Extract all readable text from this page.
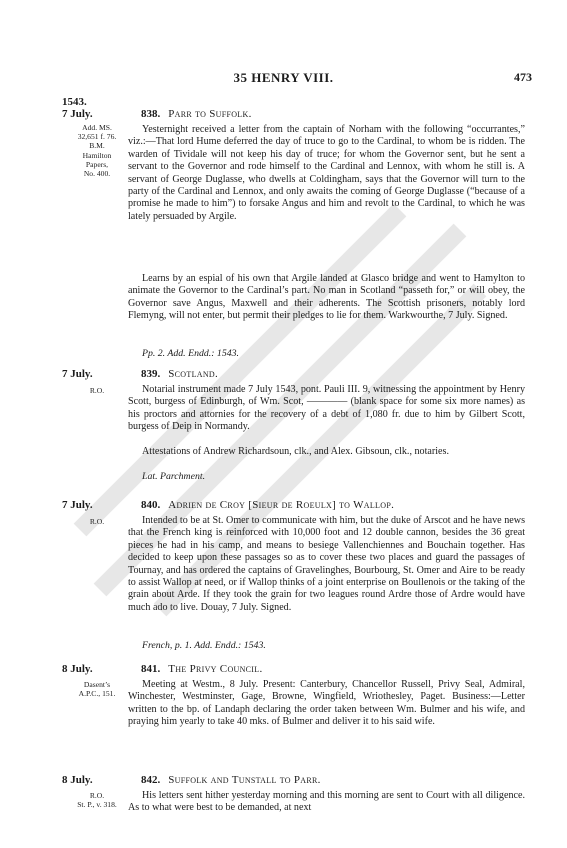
35 HENRY VIII.	473
1543.
7 July.	838. Parr to Suffolk.
Add. MS.
32,651 f. 76.
B.M.
Hamilton
Papers,
No. 400.
Yesternight received a letter from the captain of Norham with the following “occurrantes,” viz.:—That lord Hume deferred the day of truce to go to the Cardinal, to whom be is ridden. The warden of Tividale will not keep his day of truce; for whom the Governor sent, but he sent a servant to the Governor and rode himself to the Cardinal and Lennox, with whom he still is. A servant of George Duglasse, who dwells at Coldingham, says that the Governor will turn to the party of the Cardinal and Lennox, and only awaits the coming of George Duglasse (“because of a promise he made to him”) to forsake Angus and him and revolt to the Cardinal, to which he was lately persuaded by Argile.
Learns by an espial of his own that Argile landed at Glasco bridge and went to Hamylton to animate the Governor to the Cardinal’s part. No man in Scotland “passeth for,” or will obey, the Governor save Angus, Maxwell and their adherents. The Scottish prisoners, notably lord Flemyng, will not enter, but permit their pledges to lie for them. Warkwourthe, 7 July. Signed.
Pp. 2. Add. Endd.: 1543.
7 July.	839. Scotland.
R.O.	Notarial instrument made 7 July 1543, pont. Pauli III. 9, witnessing the appointment by Henry Scott, burgess of Edinburgh, of Wm. Scot, ———— (blank space for some six more names) as his proctors and attornies for the recovery of a debt of 1,080 fr. due to him by Gilbert Scott, burgess of Deip in Normandy.
Attestations of Andrew Richardsoun, clk., and Alex. Gibsoun, clk., notaries.
Lat. Parchment.
7 July.	840. Adrien de Croy [Sieur de Roeulx] to Wallop.
R.O.	Intended to be at St. Omer to communicate with him, but the duke of Arscot and he have news that the French king is reinforced with 10,000 foot and 12 double cannon, besides the 36 great pieces he had in his camp, and means to besiege Vallenchiennes and Bouchain together. Has decided to keep upon these passages so as to cover these two places and guard the passages of Tournay, and has ordered the captains of Gravelinghes, Bourbourg, St. Omer and Aire to be ready to assist Wallop at need, or if Wallop thinks of a joint enterprise on Boullenois or the taking of the grain about Arde. If they took the grain for two leagues round Ardre those of Ardre would have much ado to live. Douay, 7 July. Signed.
French, p. 1. Add. Endd.: 1543.
8 July.	841. The Privy Council.
Dasent’s
A.P.C., 151.
Meeting at Westm., 8 July. Present: Canterbury, Chancellor Russell, Privy Seal, Admiral, Winchester, Westminster, Gage, Browne, Wingfield, Wriothesley, Paget. Business:—Letter written to the bp. of Landaph declaring the order taken between Wm. Bulmer and his wife, and praying him yearly to take 40 mks. of Bulmer and deliver it to his said wife.
8 July.	842. Suffolk and Tunstall to Parr.
R.O.
St. P., v. 318.
His letters sent hither yesterday morning and this morning are sent to Court with all diligence. As to what were best to be demanded, at next
